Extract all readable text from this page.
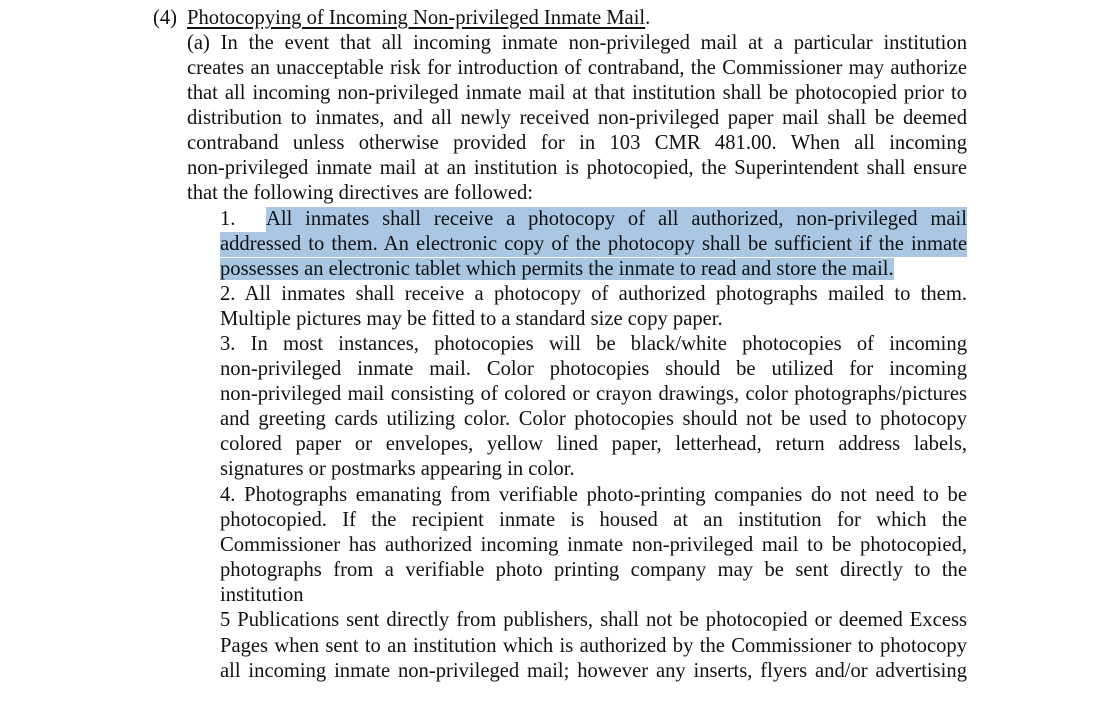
(4) Photocopying of Incoming Non-privileged Inmate Mail.
(a) In the event that all incoming inmate non-privileged mail at a particular institution
creates an unacceptable risk for introduction of contraband, the Commissioner may authorize
that all incoming non-privileged inmate mail at that institution shall be photocopied prior to
distribution to inmates, and all newly received non-privileged paper mail shall be deemed
contraband unless otherwise provided for in 103 CMR 481.00. When all incoming
non-privileged inmate mail at an institution is photocopied, the Superintendent shall ensure
that the following directives are followed:
1.	All inmates shall receive a photocopy of all authorized, non-privileged mail
addressed to them. An electronic copy of the photocopy shall be sufficient if the inmate
possesses an electronic tablet which permits the inmate to read and store the mail.
2. All inmates shall receive a photocopy of authorized photographs mailed to them.
Multiple pictures may be fitted to a standard size copy paper.
3. In most instances, photocopies will be black/white photocopies of incoming
non-privileged inmate mail. Color photocopies should be utilized for incoming
non-privileged mail consisting of colored or crayon drawings, color photographs/pictures
and greeting cards utilizing color. Color photocopies should not be used to photocopy
colored paper or envelopes, yellow lined paper, letterhead, return address labels,
signatures or postmarks appearing in color.
4. Photographs emanating from verifiable photo-printing companies do not need to be
photocopied. If the recipient inmate is housed at an institution for which the
Commissioner has authorized incoming inmate non-privileged mail to be photocopied,
photographs from a verifiable photo printing company may be sent directly to the
institution
5 Publications sent directly from publishers, shall not be photocopied or deemed Excess
Pages when sent to an institution which is authorized by the Commissioner to photocopy
all incoming inmate non-privileged mail; however any inserts, flyers and/or advertising
